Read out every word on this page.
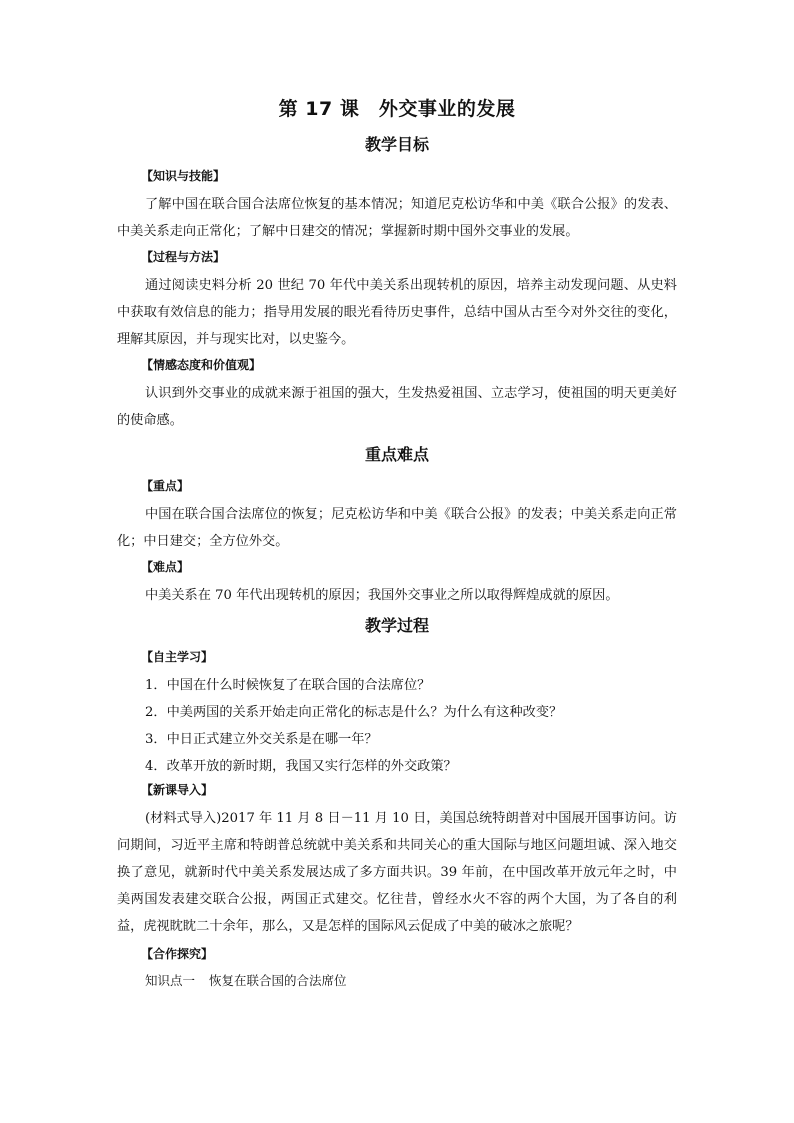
第 17 课　外交事业的发展
教学目标

【知识与技能】

了解中国在联合国合法席位恢复的基本情况；知道尼克松访华和中美《联合公报》的发表、中美关系走向正常化；了解中日建交的情况；掌握新时期中国外交事业的发展。

【过程与方法】

通过阅读史料分析 20 世纪 70 年代中美关系出现转机的原因，培养主动发现问题、从史料中获取有效信息的能力；指导用发展的眼光看待历史事件，总结中国从古至今对外交往的变化，理解其原因，并与现实比对，以史鉴今。

【情感态度和价值观】

认识到外交事业的成就来源于祖国的强大，生发热爱祖国、立志学习，使祖国的明天更美好的使命感。

重点难点

【重点】

中国在联合国合法席位的恢复；尼克松访华和中美《联合公报》的发表；中美关系走向正常化；中日建交；全方位外交。

【难点】

中美关系在 70 年代出现转机的原因；我国外交事业之所以取得辉煌成就的原因。

教学过程

【自主学习】

1．中国在什么时候恢复了在联合国的合法席位？

2．中美两国的关系开始走向正常化的标志是什么？为什么有这种改变？

3．中日正式建立外交关系是在哪一年？

4．改革开放的新时期，我国又实行怎样的外交政策？

【新课导入】

(材料式导入)2017 年 11 月 8 日－11 月 10 日，美国总统特朗普对中国展开国事访问。访问期间，习近平主席和特朗普总统就中美关系和共同关心的重大国际与地区问题坦诚、深入地交换了意见，就新时代中美关系发展达成了多方面共识。39 年前，在中国改革开放元年之时，中美两国发表建交联合公报，两国正式建交。忆往昔，曾经水火不容的两个大国，为了各自的利益，虎视眈眈二十余年，那么，又是怎样的国际风云促成了中美的破冰之旅呢？

【合作探究】

知识点一 恢复在联合国的合法席位
